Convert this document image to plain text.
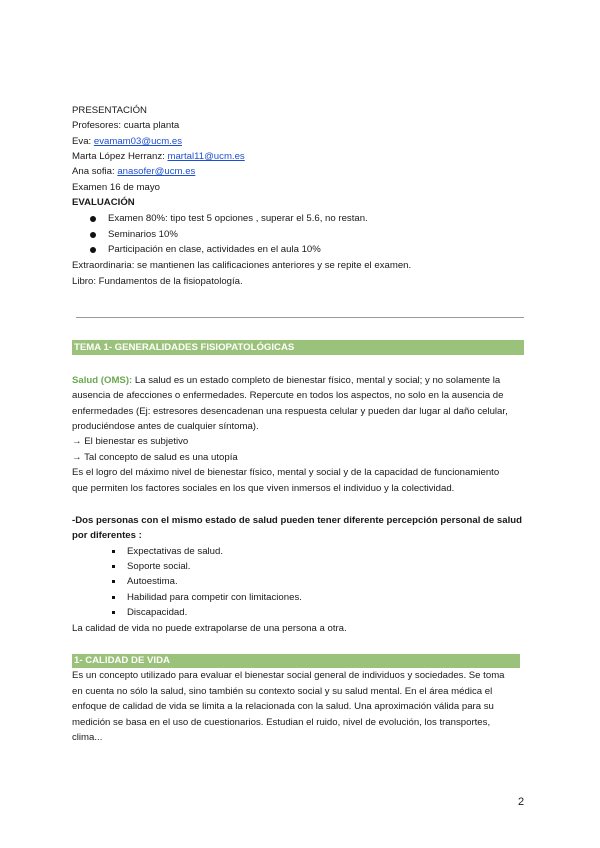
PRESENTACIÓN
Profesores: cuarta planta
Eva: evamam03@ucm.es
Marta López Herranz: martal11@ucm.es
Ana sofia: anasofer@ucm.es
Examen 16 de mayo
EVALUACIÓN
Examen 80%: tipo test 5 opciones , superar el 5.6, no restan.
Seminarios 10%
Participación en clase, actividades en el aula 10%
Extraordinaria: se mantienen las calificaciones anteriores y se repite el examen.
Libro: Fundamentos de la fisiopatología.
TEMA 1- GENERALIDADES FISIOPATOLÓGICAS
Salud (OMS): La salud es un estado completo de bienestar físico, mental y social; y no solamente la
ausencia de afecciones o enfermedades. Repercute en todos los aspectos, no solo en la ausencia de
enfermedades (Ej: estresores desencadenan una respuesta celular y pueden dar lugar al daño celular,
produciéndose antes de cualquier síntoma).
→ El bienestar es subjetivo
→ Tal concepto de salud es una utopía
Es el logro del máximo nivel de bienestar físico, mental y social y de la capacidad de funcionamiento
que permiten los factores sociales en los que viven inmersos el individuo y la colectividad.
-Dos personas con el mismo estado de salud pueden tener diferente percepción personal de salud
por diferentes :
Expectativas de salud.
Soporte social.
Autoestima.
Habilidad para competir con limitaciones.
Discapacidad.
La calidad de vida no puede extrapolarse de una persona a otra.
1- CALIDAD DE VIDA
Es un concepto utilizado para evaluar el bienestar social general de individuos y sociedades. Se toma
en cuenta no sólo la salud, sino también su contexto social y su salud mental. En el área médica el
enfoque de calidad de vida se limita a la relacionada con la salud. Una aproximación válida para su
medición se basa en el uso de cuestionarios. Estudian el ruido, nivel de evolución, los transportes,
clima...
2
